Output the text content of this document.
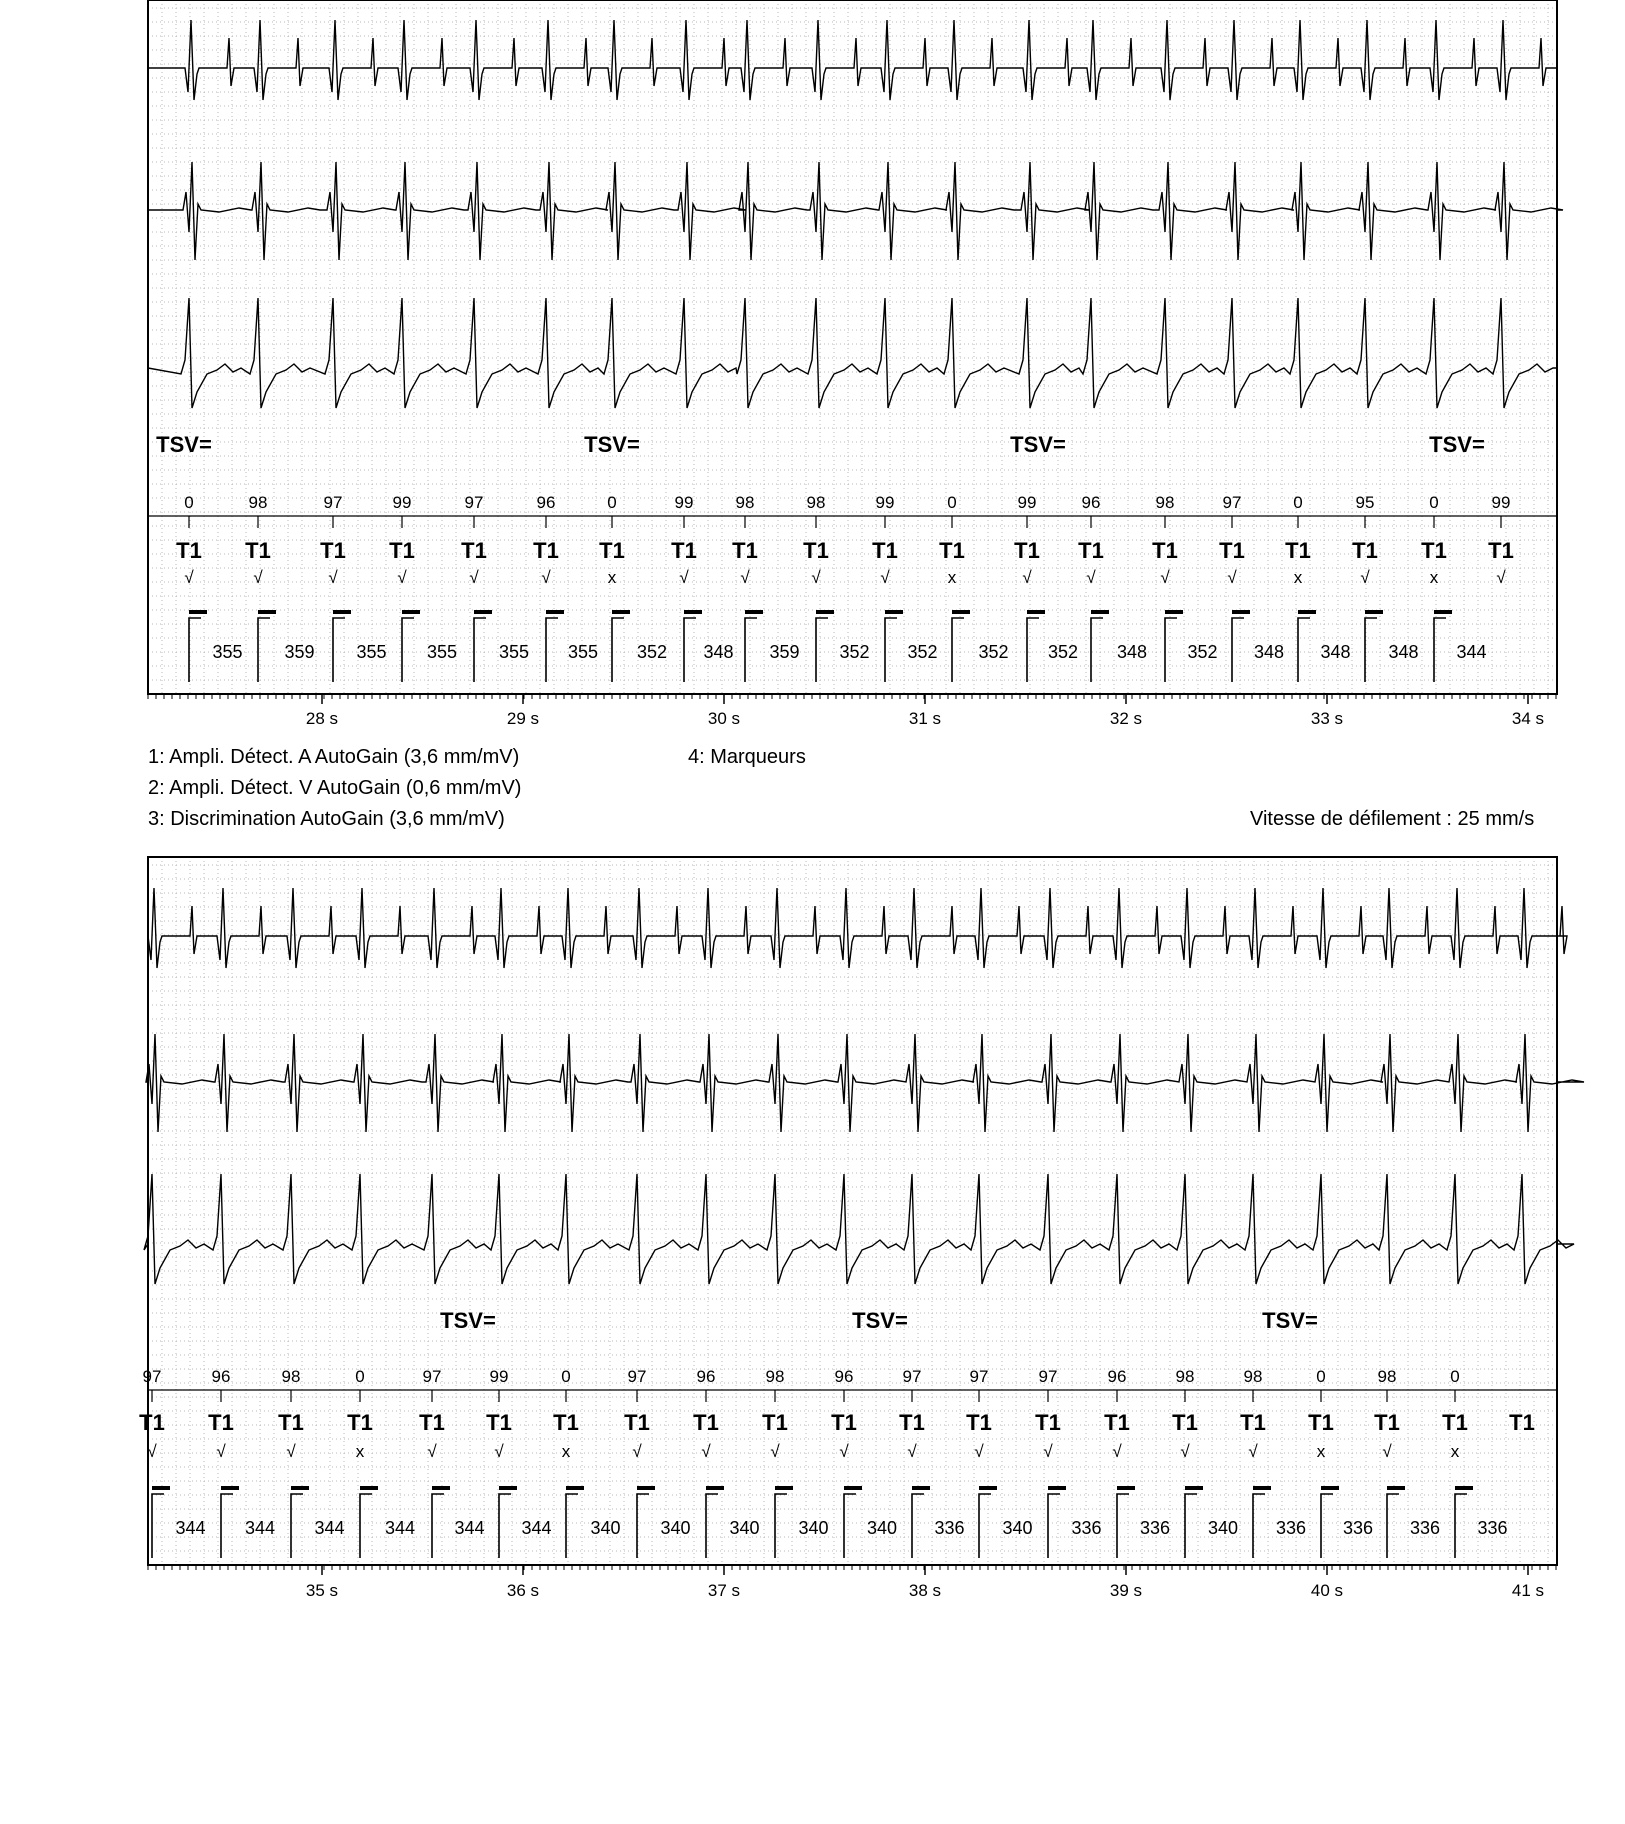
TSV=	TSV=	TSV=	TSV=
0	98	97	99	97	96	0	99 98	98	99	0	99	96	98	97	0	95	0	99
T1 T1 T1 T1 T1 T1 T1 T1 T1 T1 T1 T1 T1 T1 T1 T1 T1 T1 T1 T1
√	√	√	√	√	√	x	√	√	√	√	x	√	√	√	√	x	√	x	√
355 359 355 355 355 355 352 348 359 352 352 352 352 348 352 348 348 348 344
28 s	29 s	30 s	31 s	32 s	33 s	34 s
TSV=	TSV=	TSV=
97	96	98	0	97	99	0	97	96	98	96	97	97	97	96	98	98	0	98	0
T1 T1 T1 T1 T1 T1 T1 T1 T1 T1 T1 T1 T1 T1 T1 T1 T1 T1 T1 T1 T1
√	√	√	x	√	√	x	√	√	√	√	√	√	√	√	√	√	x	√	x
344 344 344 344 344 344 340 340 340 340 340 336 340 336 336 340 336 336 336 336
35 s	36 s	37 s	38 s	39 s	40 s	41 s
1: Ampli. Détect. A AutoGain (3,6 mm/mV)
2: Ampli. Détect. V AutoGain (0,6 mm/mV)
3: Discrimination AutoGain (3,6 mm/mV)
4: Marqueurs
Vitesse de défilement : 25 mm/s
